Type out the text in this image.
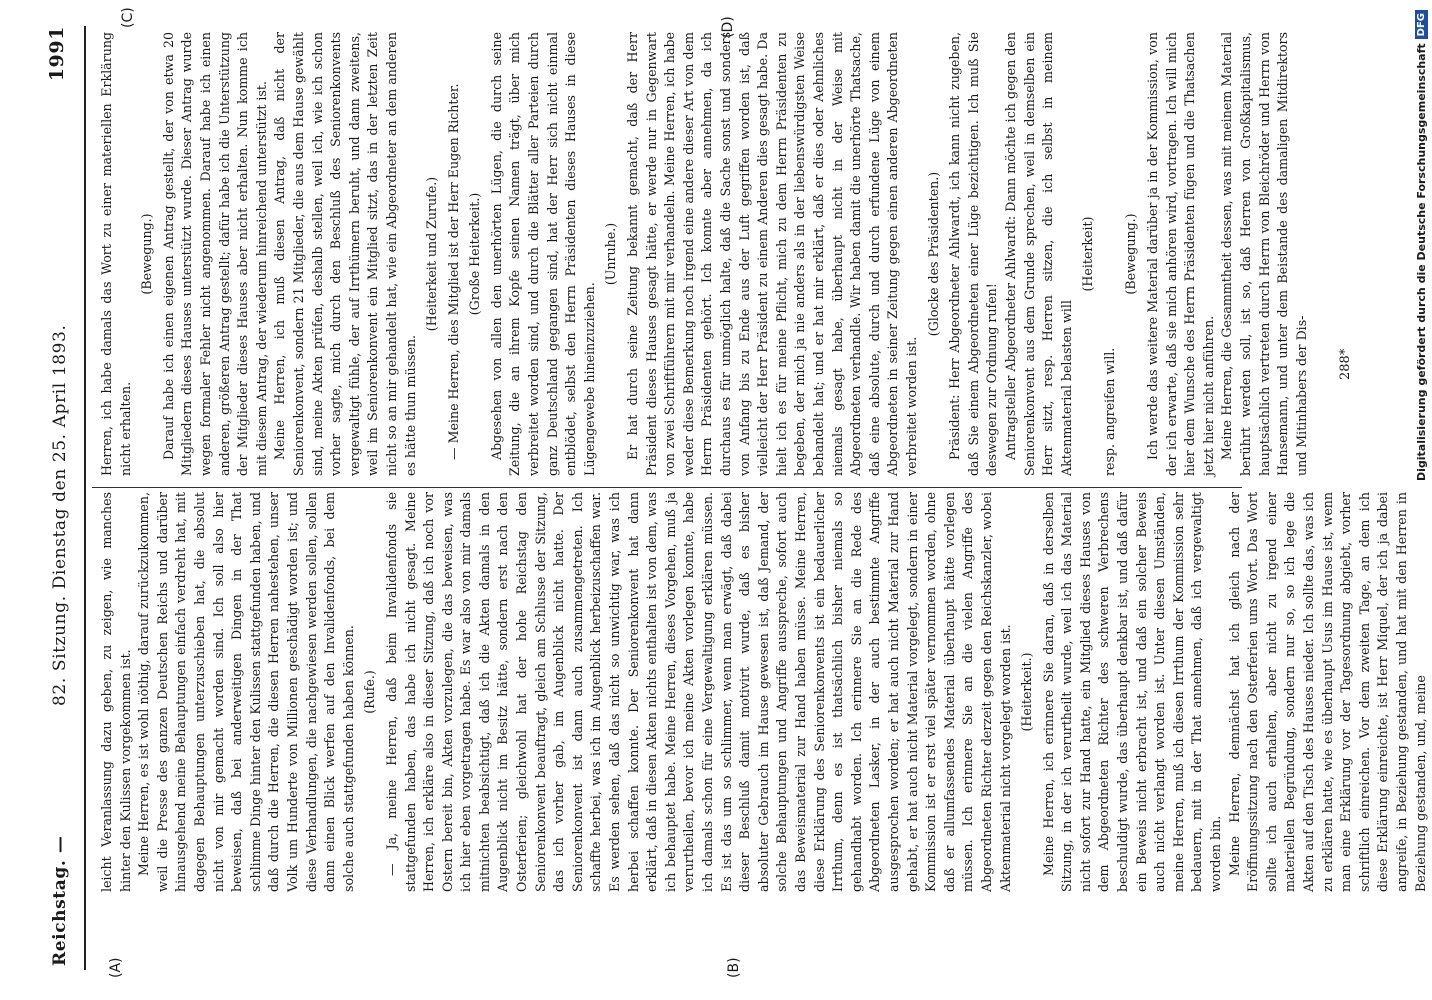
Reichstag. —
82. Sitzung. Dienstag den 25. April 1893.
1991
(A)	(B)
(C)	(D)

leicht Veranlassung dazu geben, zu zeigen, wie manches hinter den Kulissen vorgekommen ist. Meine Herren, es ist wohl nöthig, darauf zurückzukommen, weil die Presse des ganzen Deutschen Reichs und darüber hinausgehend meine Behauptungen einfach verdreht hat, mit dagegen Behauptungen unterzuschieben hat, die absolut nicht von mir gemacht worden sind. Ich soll also hier beweisen, daß bei anderweitigen Dingen in der That schlimme Dinge hinter den Kulissen stattgefunden haben, und daß durch die Herren, die diesen Herren nahestehen, unser Volk um Hunderte von Millionen geschädigt worden ist; und diese Verhandlungen, die nachgewiesen werden sollen, sollen dann einen Blick werfen auf den Invalidenfonds, bei dem solche auch stattgefunden haben können. (Rufe.) — Ja, meine Herren, daß beim Invalidenfonds sie stattgefunden haben, das habe ich nicht gesagt. Meine Herren, ich erkläre also in dieser Sitzung, daß ich noch vor Ostern bereit bin, Akten vorzulegen, die das beweisen, was ich hier eben vorgetragen habe. Es war also von mir damals mitnichten beabsichtigt, daß ich die Akten damals in den Augenblick nicht im Besitz hätte, sondern erst nach den Osterferien; gleichwohl hat der hohe Reichstag den Seniorenkonvent beauftragt, gleich am Schlusse der Sitzung, das ich vorher gab, im Augenblick nicht hatte. Der Seniorenkonvent ist dann auch zusammengetreten. Ich schaffte herbei, was ich im Augenblick herbeizuschaffen war. Es werden sehen, daß das nicht so unwichtig war, was ich herbei schaffen konnte. Der Seniorenkonvent hat dann erklärt, daß in diesen Akten nichts enthalten ist von dem, was ich behauptet habe. Meine Herren, dieses Vorgehen, muß ja verurtheilen, bevor ich meine Akten vorlegen konnte, habe ich damals schon für eine Vergewaltigung erklären müssen. Es ist das um so schlimmer, wenn man erwägt, daß dabei dieser Beschluß damit motivirt wurde, daß es bisher absoluter Gebrauch im Hause gewesen ist, daß Jemand, der solche Behauptungen und Angriffe ausspreche, sofort auch das Beweismaterial zur Hand haben müsse. Meine Herren, diese Erklärung des Seniorenkonvents ist ein bedauerlicher Irrthum, denn es ist thatsächlich bisher niemals so gehandhabt worden. Ich erinnere Sie an die Rede des Abgeordneten Lasker, in der auch bestimmte Angriffe ausgesprochen worden; er hat auch nicht Material zur Hand gehabt, er hat auch nicht Material vorgelegt, sondern in einer Kommission ist er erst viel später vernommen worden, ohne daß er allumfassendes Material überhaupt hätte vorlegen müssen. Ich erinnere Sie an die vielen Angriffe des Abgeordneten Richter derzeit gegen den Reichskanzler, wobei Aktenmaterial nicht vorgelegt worden ist. (Heiterkeit.) Meine Herren, ich erinnere Sie daran, daß in derselben Sitzung, in der ich verurtheilt wurde, weil ich das Material nicht sofort zur Hand hatte, ein Mitglied dieses Hauses von dem Abgeordneten Richter des schweren Verbrechens beschuldigt wurde, das überhaupt denkbar ist, und daß dafür ein Beweis nicht erbracht ist, und daß ein solcher Beweis auch nicht verlangt worden ist. Unter diesen Umständen, meine Herren, muß ich diesen Irrthum der Kommission sehr bedauern, mit in der That annehmen, daß ich vergewaltigt worden bin. Meine Herren, demnächst hat ich gleich nach der Eröffnungssitzung nach den Osterferien ums Wort. Das Wort sollte ich auch erhalten, aber nicht zu irgend einer materiellen Begründung, sondern nur so, so ich lege die Akten auf den Tisch des Hauses nieder. Ich sollte das, was ich zu erklären hatte, wie es überhaupt Usus im Hause ist, wenn man eine Erklärung vor der Tagesordnung abgiebt, vorher schriftlich einreichen. Vor dem zweiten Tage, an dem ich diese Erklärung einreichte, ist Herr Miquel, der ich ja dabei angreife, in Beziehung gestanden, und hat mit den Herren in Beziehung gestanden, und, meine

Herren, ich habe damals das Wort zu einer materiellen Erklärung nicht erhalten.

(Bewegung.) Darauf habe ich einen eigenen Antrag gestellt, der von etwa 20 Mitgliedern dieses Hauses unterstützt wurde. Dieser Antrag wurde wegen formaler Fehler nicht angenommen. Darauf habe ich einen anderen, größeren Antrag gestellt; dafür habe ich die Unterstützung der Mitglieder dieses Hauses aber nicht erhalten. Nun komme ich mit diesem Antrag, der wiederum hinreichend unterstützt ist. Meine Herren, ich muß diesen Antrag, daß nicht der Seniorenkonvent, sondern 21 Mitglieder, die aus dem Hause gewählt sind, meine Akten prüfen, deshalb stellen, weil ich, wie ich schon vorher sagte, mich durch den Beschluß des Seniorenkonvents vergewaltigt fühle, der auf Irrthümern beruht, und dann zweitens, weil im Seniorenkonvent ein Mitglied sitzt, das in der letzten Zeit nicht so an mir gehandelt hat, wie ein Abgeordneter an dem anderen es hätte thun müssen.

(Heiterkeit und Zurufe.) — Meine Herren, dies Mitglied ist der Herr Eugen Richter. (Große Heiterkeit.) Abgesehen von allen den unerhörten Lügen, die durch seine Zeitung, die an ihrem Kopfe seinen Namen trägt, über mich verbreitet worden sind, und durch die Blätter aller Parteien durch ganz Deutschland gegangen sind, hat der Herr sich nicht einmal entblödet, selbst den Herrn Präsidenten dieses Hauses in diese Lügengewebe hineinzuziehen.

(Unruhe.) Er hat durch seine Zeitung bekannt gemacht, daß der Herr Präsident dieses Hauses gesagt hätte, er werde nur in Gegenwart von zwei Schriftführern mit mir verhandeln. Meine Herren, ich habe weder diese Bemerkung noch irgend eine andere dieser Art von dem Herrn Präsidenten gehört. Ich konnte aber annehmen, da ich durchaus es für unmöglich halte, daß die Sache sonst und sonders von Anfang bis zu Ende aus der Luft gegriffen worden ist, daß vielleicht der Herr Präsident zu einem Anderen dies gesagt habe. Da hielt ich es für meine Pflicht, mich zu dem Herrn Präsidenten zu begeben, der mich ja nie anders als in der liebenswürdigsten Weise behandelt hat; und er hat mir erklärt, daß er dies oder Aehnliches niemals gesagt habe, überhaupt nicht in der Weise mit Abgeordneten verhandle. Wir haben damit die unerhörte Thatsache, daß eine absolute, durch und durch erfundene Lüge von einem Abgeordneten in seiner Zeitung gegen einen anderen Abgeordneten verbreitet worden ist.

(Glocke des Präsidenten.) Präsident: Herr Abgeordneter Ahlwardt, ich kann nicht zugeben, daß Sie einem Abgeordneten einer Lüge bezichtigen. Ich muß Sie deswegen zur Ordnung rufen! Antragsteller Abgeordneter Ahlwardt: Dann möchte ich gegen den Seniorenkonvent aus dem Grunde sprechen, weil in demselben ein Herr sitzt, resp. Herren sitzen, die ich selbst in meinem Aktenmaterial belasten will

(Heiterkeit)

resp. angreifen will.

(Bewegung.) Ich werde das weitere Material darüber ja in der Kommission, von der ich erwarte, daß sie mich anhören wird, vortragen. Ich will mich hier dem Wunsche des Herrn Präsidenten fügen und die Thatsachen jetzt hier nicht anführen. Meine Herren, die Gesammtheit dessen, was mit meinem Material berührt werden soll, ist so, daß Herren von Großkapitalismus, hauptsächlich vertreten durch Herrn von Bleichröder und Herrn von Hansemann, und unter dem Beistande des damaligen Mitdirektors und Mitinhabers der Dis- 288*	Digitalisierung gefördert durch die Deutsche Forschungsgemeinschaft
DFG
